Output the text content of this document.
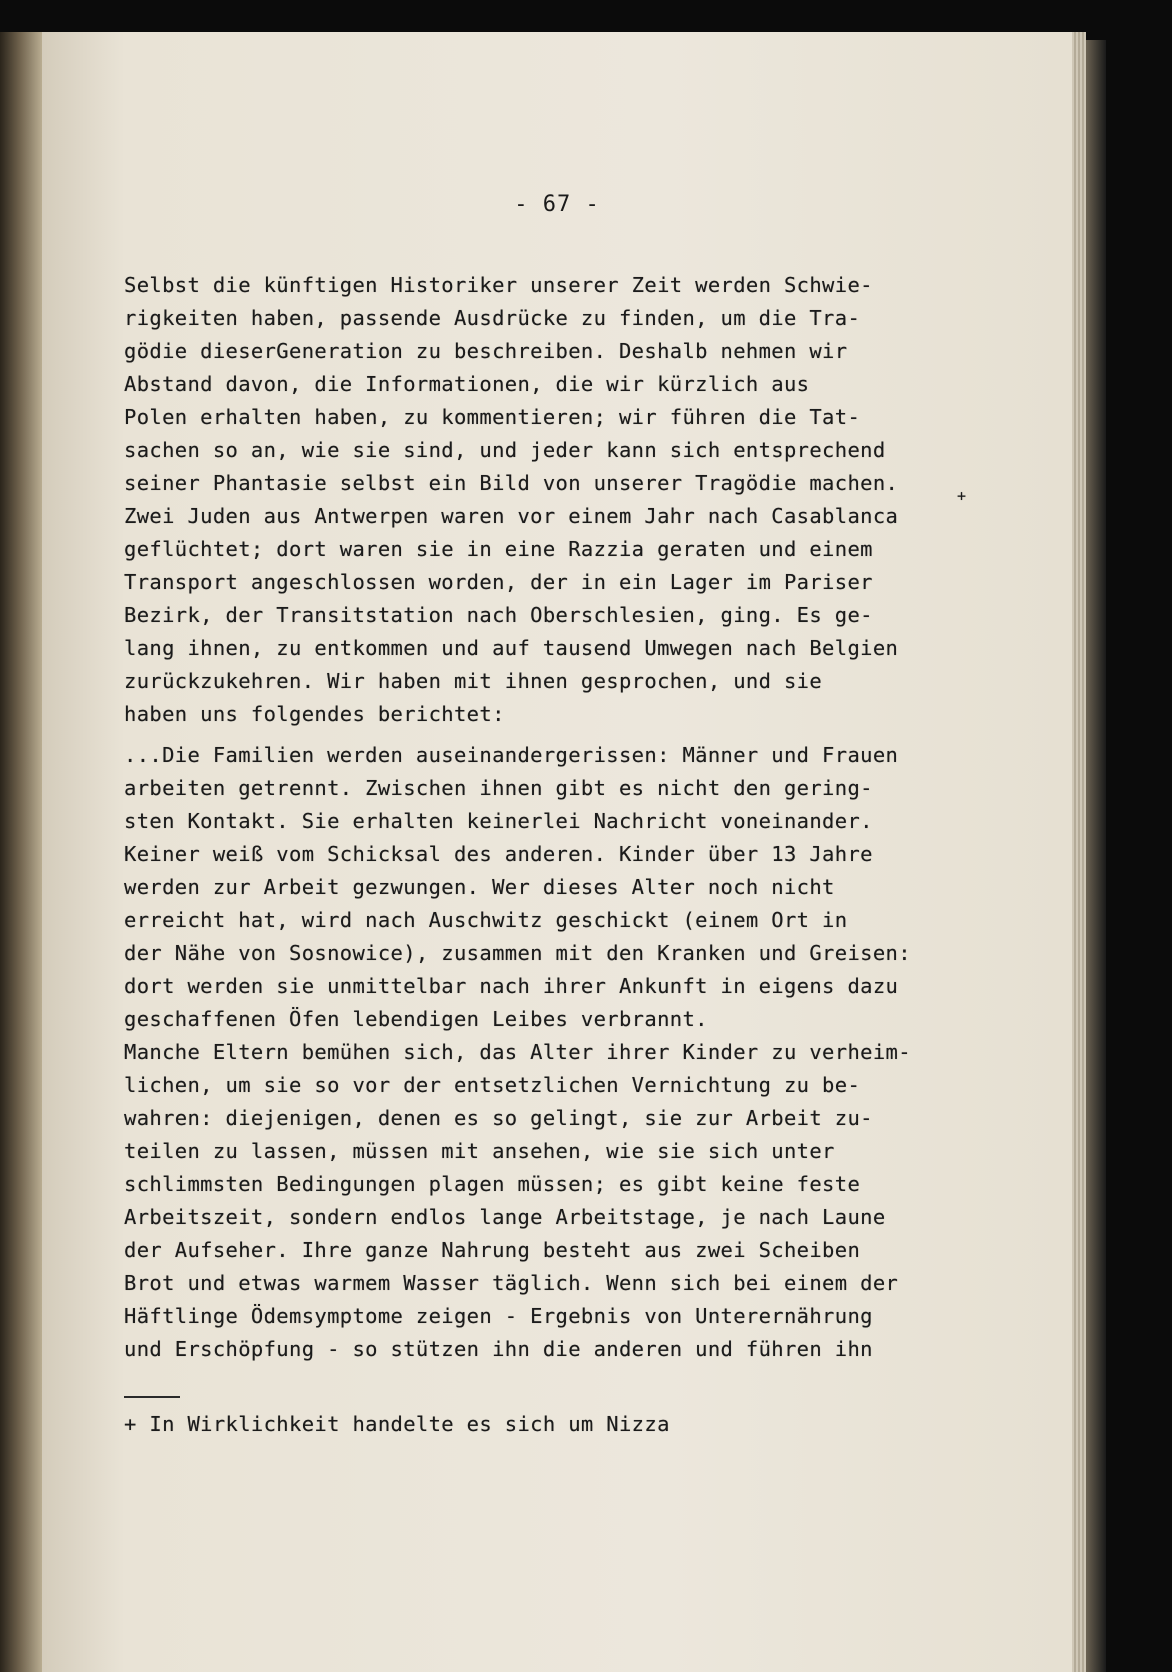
- 67 -
Selbst die künftigen Historiker unserer Zeit werden Schwie-
rigkeiten haben, passende Ausdrücke zu finden, um die Tra-
gödie dieserGeneration zu beschreiben. Deshalb nehmen wir
Abstand davon, die Informationen, die wir kürzlich aus
Polen erhalten haben, zu kommentieren; wir führen die Tat-
sachen so an, wie sie sind, und jeder kann sich entsprechend
seiner Phantasie selbst ein Bild von unserer Tragödie machen.
Zwei Juden aus Antwerpen waren vor einem Jahr nach Casablanca
geflüchtet; dort waren sie in eine Razzia geraten und einem
Transport angeschlossen worden, der in ein Lager im Pariser
Bezirk, der Transitstation nach Oberschlesien, ging. Es ge-
lang ihnen, zu entkommen und auf tausend Umwegen nach Belgien
zurückzukehren. Wir haben mit ihnen gesprochen, und sie
haben uns folgendes berichtet:
+
...Die Familien werden auseinandergerissen: Männer und Frauen
arbeiten getrennt. Zwischen ihnen gibt es nicht den gering-
sten Kontakt. Sie erhalten keinerlei Nachricht voneinander.
Keiner weiß vom Schicksal des anderen. Kinder über 13 Jahre
werden zur Arbeit gezwungen. Wer dieses Alter noch nicht
erreicht hat, wird nach Auschwitz geschickt (einem Ort in
der Nähe von Sosnowice), zusammen mit den Kranken und Greisen:
dort werden sie unmittelbar nach ihrer Ankunft in eigens dazu
geschaffenen Öfen lebendigen Leibes verbrannt.
Manche Eltern bemühen sich, das Alter ihrer Kinder zu verheim-
lichen, um sie so vor der entsetzlichen Vernichtung zu be-
wahren: diejenigen, denen es so gelingt, sie zur Arbeit zu-
teilen zu lassen, müssen mit ansehen, wie sie sich unter
schlimmsten Bedingungen plagen müssen; es gibt keine feste
Arbeitszeit, sondern endlos lange Arbeitstage, je nach Laune
der Aufseher. Ihre ganze Nahrung besteht aus zwei Scheiben
Brot und etwas warmem Wasser täglich. Wenn sich bei einem der
Häftlinge Ödemsymptome zeigen - Ergebnis von Unterernährung
und Erschöpfung - so stützen ihn die anderen und führen ihn
+ In Wirklichkeit handelte es sich um Nizza
